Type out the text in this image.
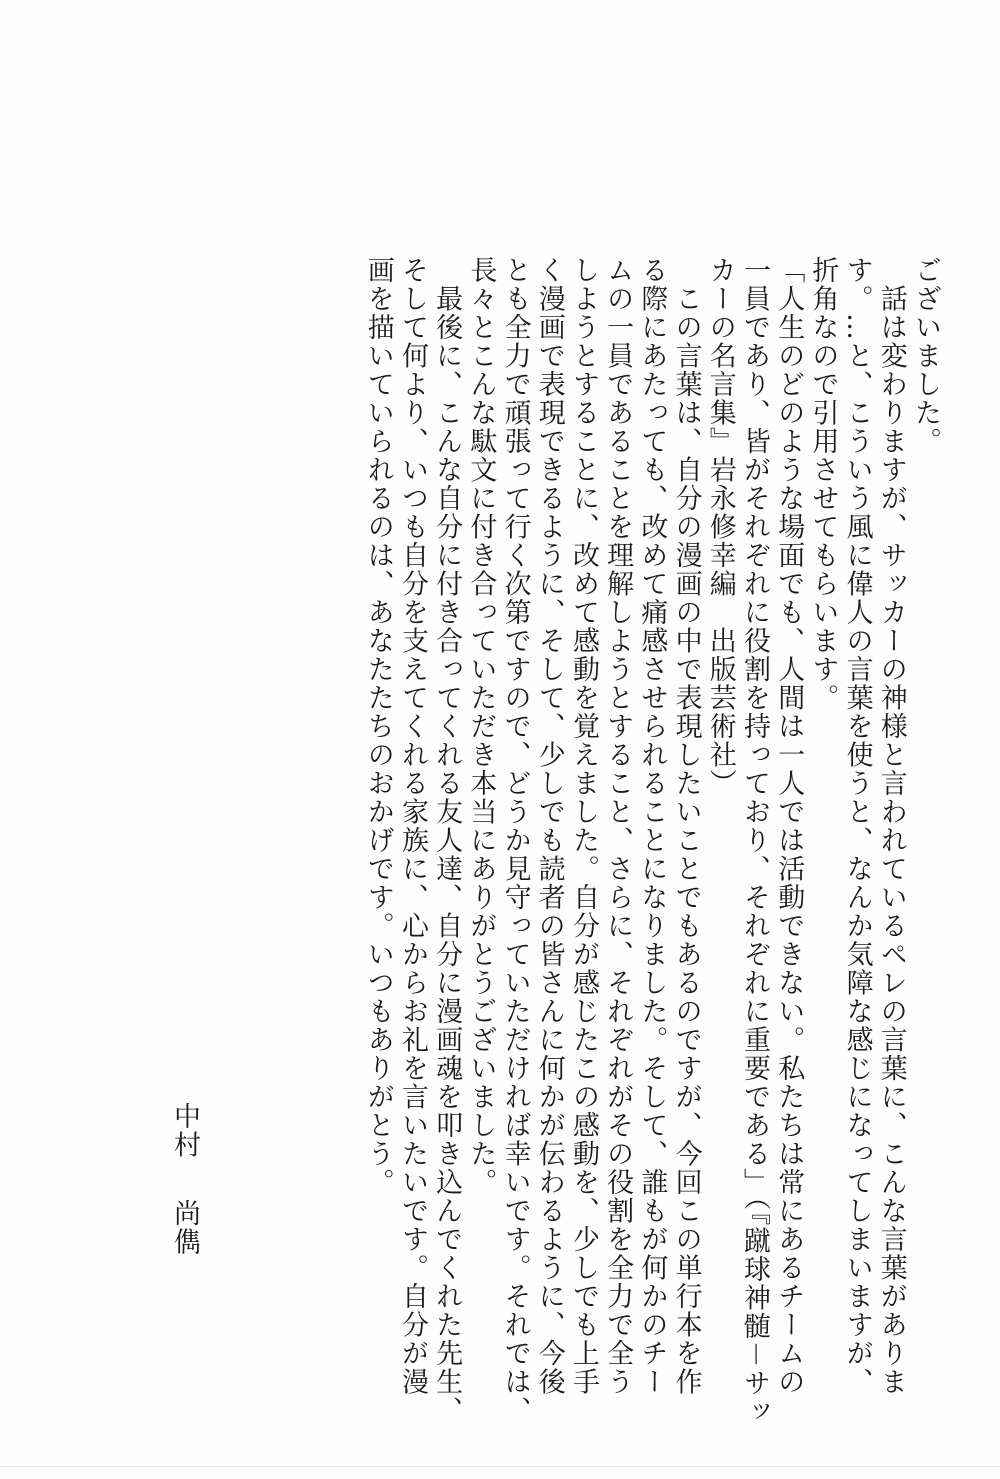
ございました。
　話は変わりますが、サッカーの神様と言われているペレの言葉に、こんな言葉がありま
す。…と、こういう風に偉人の言葉を使うと、なんか気障な感じになってしまいますが、
折角なので引用させてもらいます。
「人生のどのような場面でも、人間は一人では活動できない。私たちは常にあるチームの
一員であり、皆がそれぞれに役割を持っており、それぞれに重要である」（『蹴球神髄－サッ
カーの名言集』岩永修幸編　出版芸術社）
　この言葉は、自分の漫画の中で表現したいことでもあるのですが、今回この単行本を作
る際にあたっても、改めて痛感させられることになりました。そして、誰もが何かのチー
ムの一員であることを理解しようとすること、さらに、それぞれがその役割を全力で全う
しようとすることに、改めて感動を覚えました。自分が感じたこの感動を、少しでも上手
く漫画で表現できるように、そして、少しでも読者の皆さんに何かが伝わるように、今後
とも全力で頑張って行く次第ですので、どうか見守っていただければ幸いです。それでは、
長々とこんな駄文に付き合っていただき本当にありがとうございました。
　最後に、こんな自分に付き合ってくれる友人達、自分に漫画魂を叩き込んでくれた先生、
そして何より、いつも自分を支えてくれる家族に、心からお礼を言いたいです。自分が漫
画を描いていられるのは、あなたたちのおかげです。いつもありがとう。
中村尚儁
